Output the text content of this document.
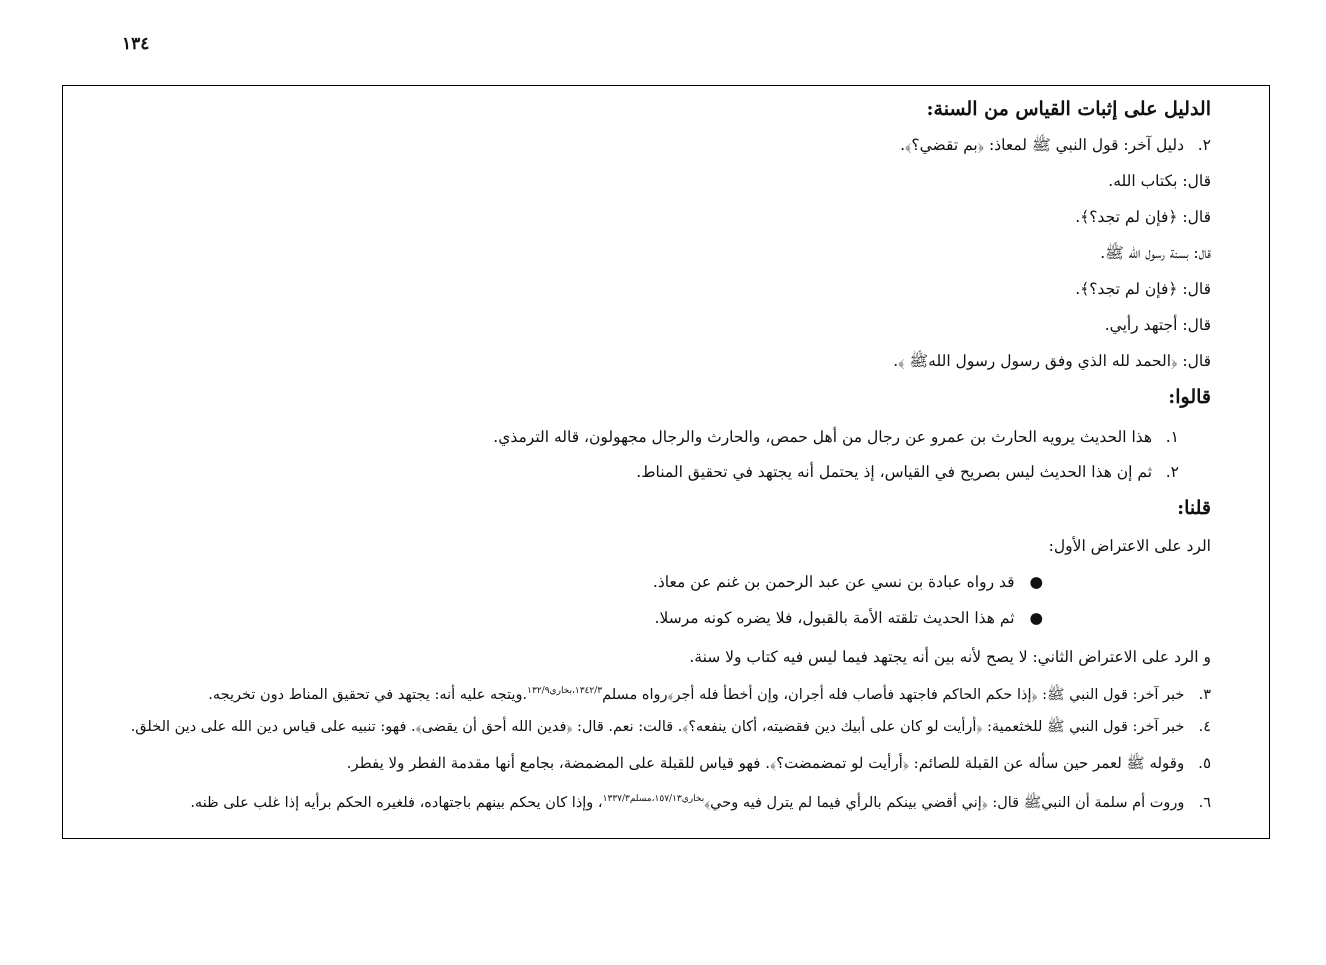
١٣٤
الدليل على إثبات القياس من السنة:
٢. دليل آخر: قول النبي ﷺ لمعاذ: ﴿بم تقضي؟﴾.
قال: بكتاب الله.
قال: ﴿فإن لم تجد؟﴾.
قال: بسنة رسول الله ﷺ.
قال: ﴿فإن لم تجد؟﴾.
قال: أجتهد رأيي.
قال: ﴿الحمد لله الذي وفق رسول رسول اللهﷺ ﴾.
قالوا:
١. هذا الحديث يرويه الحارث بن عمرو عن رجال من أهل حمص، والحارث والرجال مجهولون، قاله الترمذي.
٢. ثم إن هذا الحديث ليس بصريح في القياس، إذ يحتمل أنه يجتهد في تحقيق المناط.
قلنا:
الرد على الاعتراض الأول:
● قد رواه عبادة بن نسي عن عبد الرحمن بن غنم عن معاذ.
● ثم هذا الحديث تلقته الأمة بالقبول، فلا يضره كونه مرسلا.
و الرد على الاعتراض الثاني: لا يصح لأنه بين أنه يجتهد فيما ليس فيه كتاب ولا سنة.
٣. خبر آخر: قول النبي ﷺ: ﴿إذا حكم الحاكم فاجتهد فأصاب فله أجران، وإن أخطأ فله أجر﴾رواه مسلم$^{١٣٤٢/٣،بخاري١٣٢/٩}$.ويتجه عليه أنه: يجتهد في تحقيق المناط دون تخريجه.
٤. خبر آخر: قول النبي ﷺ للخثعمية: ﴿أرأيت لو كان على أبيك دين فقضيته، أكان ينفعه؟﴾. قالت: نعم. قال: ﴿فدين الله أحق أن يقضى﴾. فهو: تنبيه على قياس دين الله على دين الخلق.
٥. وقوله ﷺ لعمر حين سأله عن القبلة للصائم: ﴿أرأيت لو تمضمضت؟﴾. فهو قياس للقبلة على المضمضة، بجامع أنها مقدمة الفطر ولا يفطر.
٦. وروت أم سلمة أن النبيﷺ قال: ﴿إني أقضي بينكم بالرأي فيما لم يترل فيه وحي﴾$^{بخاري١٥٧/١٣،مسلم١٣٣٧/٣}$، وإذا كان يحكم بينهم باجتهاده، فلغيره الحكم برأيه إذا غلب على ظنه.
